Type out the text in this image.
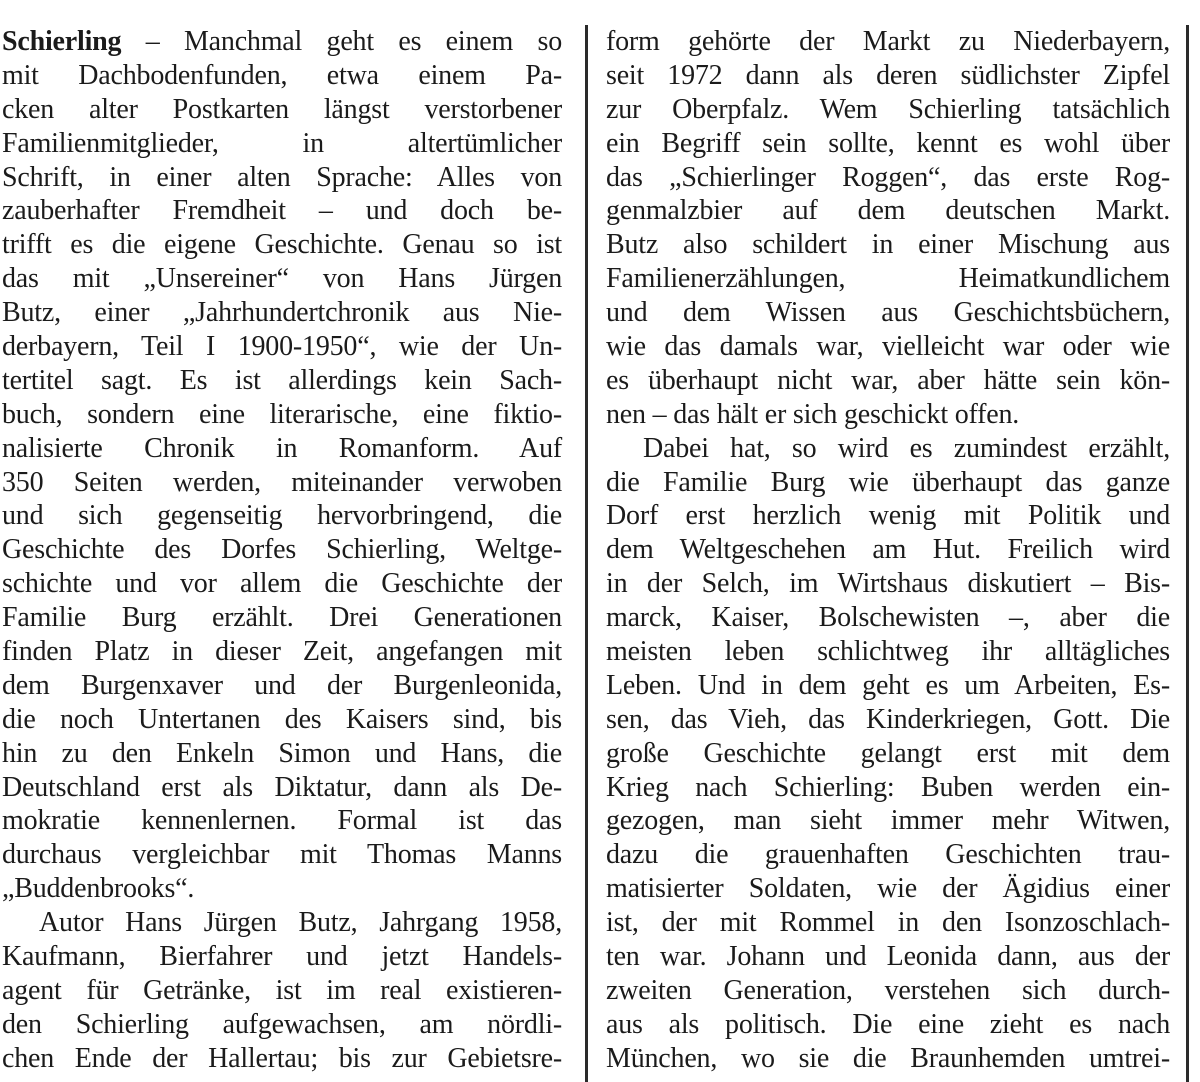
Schierling – Manchmal geht es einem so
mit Dachbodenfunden, etwa einem Pa-
cken alter Postkarten längst verstorbener
Familienmitglieder, in altertümlicher
Schrift, in einer alten Sprache: Alles von
zauberhafter Fremdheit – und doch be-
trifft es die eigene Geschichte. Genau so ist
das mit „Unsereiner“ von Hans Jürgen
Butz, einer „Jahrhundertchronik aus Nie-
derbayern, Teil I 1900-1950“, wie der Un-
tertitel sagt. Es ist allerdings kein Sach-
buch, sondern eine literarische, eine fiktio-
nalisierte Chronik in Romanform. Auf
350 Seiten werden, miteinander verwoben
und sich gegenseitig hervorbringend, die
Geschichte des Dorfes Schierling, Weltge-
schichte und vor allem die Geschichte der
Familie Burg erzählt. Drei Generationen
finden Platz in dieser Zeit, angefangen mit
dem Burgenxaver und der Burgenleonida,
die noch Untertanen des Kaisers sind, bis
hin zu den Enkeln Simon und Hans, die
Deutschland erst als Diktatur, dann als De-
mokratie kennenlernen. Formal ist das
durchaus vergleichbar mit Thomas Manns
„Buddenbrooks“.
Autor Hans Jürgen Butz, Jahrgang 1958,
Kaufmann, Bierfahrer und jetzt Handels-
agent für Getränke, ist im real existieren-
den Schierling aufgewachsen, am nördli-
chen Ende der Hallertau; bis zur Gebietsre-
form gehörte der Markt zu Niederbayern,
seit 1972 dann als deren südlichster Zipfel
zur Oberpfalz. Wem Schierling tatsächlich
ein Begriff sein sollte, kennt es wohl über
das „Schierlinger Roggen“, das erste Rog-
genmalzbier auf dem deutschen Markt.
Butz also schildert in einer Mischung aus
Familienerzählungen, Heimatkundlichem
und dem Wissen aus Geschichtsbüchern,
wie das damals war, vielleicht war oder wie
es überhaupt nicht war, aber hätte sein kön-
nen – das hält er sich geschickt offen.
Dabei hat, so wird es zumindest erzählt,
die Familie Burg wie überhaupt das ganze
Dorf erst herzlich wenig mit Politik und
dem Weltgeschehen am Hut. Freilich wird
in der Selch, im Wirtshaus diskutiert – Bis-
marck, Kaiser, Bolschewisten –, aber die
meisten leben schlichtweg ihr alltägliches
Leben. Und in dem geht es um Arbeiten, Es-
sen, das Vieh, das Kinderkriegen, Gott. Die
große Geschichte gelangt erst mit dem
Krieg nach Schierling: Buben werden ein-
gezogen, man sieht immer mehr Witwen,
dazu die grauenhaften Geschichten trau-
matisierter Soldaten, wie der Ägidius einer
ist, der mit Rommel in den Isonzoschlach-
ten war. Johann und Leonida dann, aus der
zweiten Generation, verstehen sich durch-
aus als politisch. Die eine zieht es nach
München, wo sie die Braunhemden umtrei-
